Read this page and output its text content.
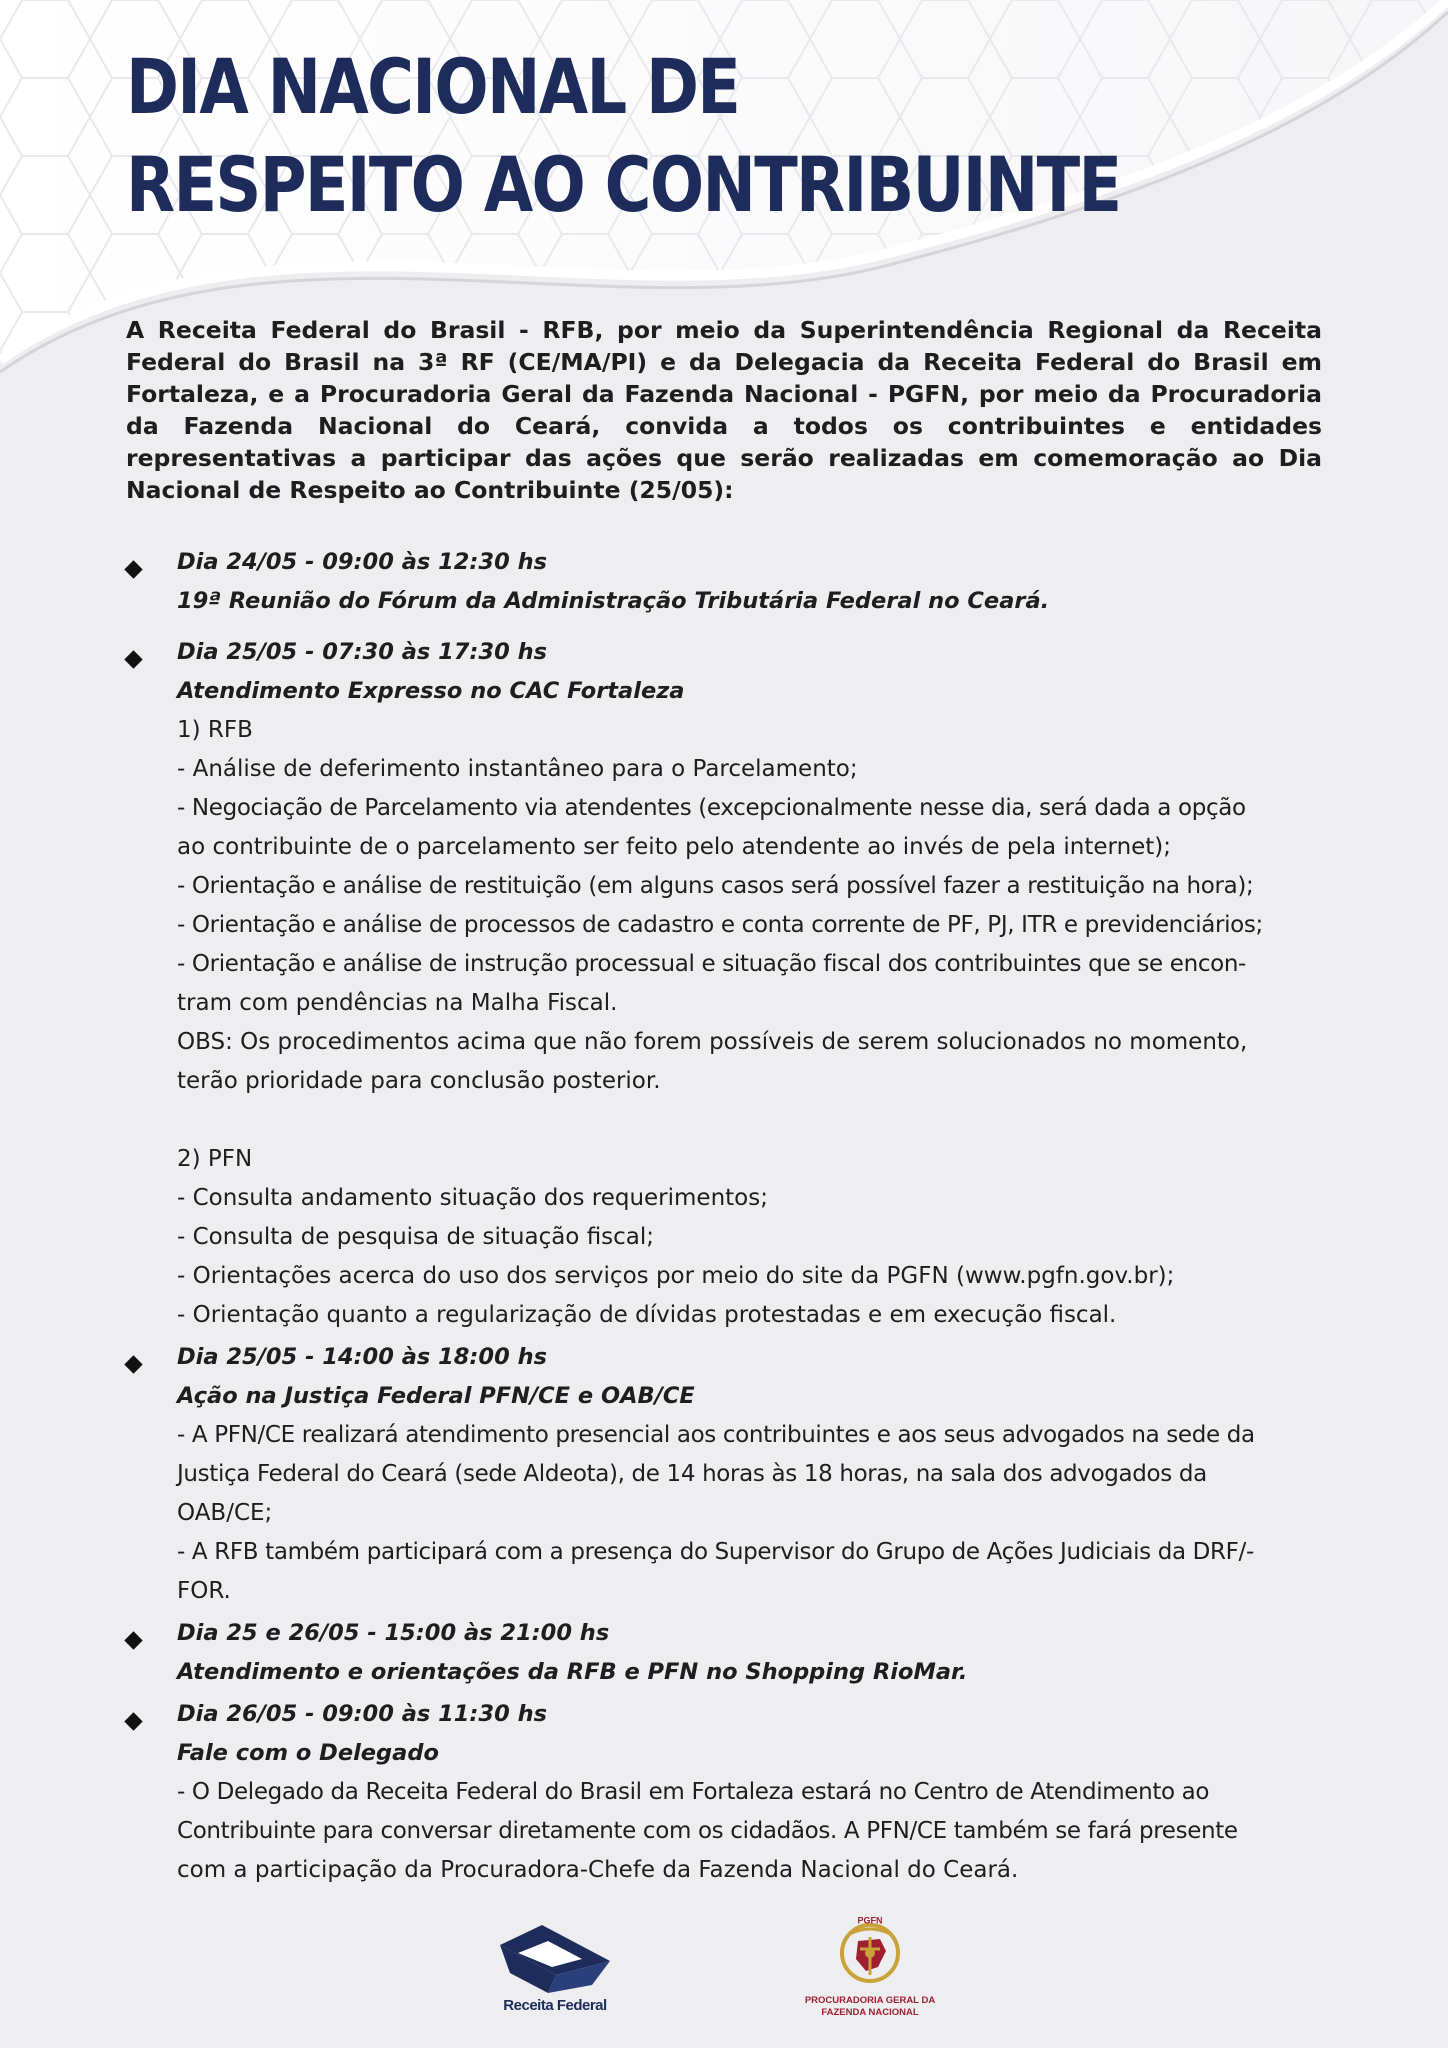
DIA NACIONAL DE
RESPEITO AO CONTRIBUINTE

A Receita Federal do Brasil - RFB, por meio da Superintendência Regional da Receita Federal do Brasil na 3ª RF (CE/MA/PI) e da Delegacia da Receita Federal do Brasil em Fortaleza, e a Procuradoria Geral da Fazenda Nacional - PGFN, por meio da Procuradoria da Fazenda Nacional do Ceará, convida a todos os contribuintes e entidades representativas a participar das ações que serão realizadas em comemoração ao Dia Nacional de Respeito ao Contribuinte (25/05):

Dia 24/05 - 09:00 às 12:30 hs
19ª Reunião do Fórum da Administração Tributária Federal no Ceará.
Dia 25/05 - 07:30 às 17:30 hs
Atendimento Expresso no CAC Fortaleza
1) RFB
- Análise de deferimento instantâneo para o Parcelamento;
- Negociação de Parcelamento via atendentes (excepcionalmente nesse dia, será dada a opção
ao contribuinte de o parcelamento ser feito pelo atendente ao invés de pela internet);
- Orientação e análise de restituição (em alguns casos será possível fazer a restituição na hora);
- Orientação e análise de processos de cadastro e conta corrente de PF, PJ, ITR e previdenciários;
- Orientação e análise de instrução processual e situação fiscal dos contribuintes que se encon-
tram com pendências na Malha Fiscal.
OBS: Os procedimentos acima que não forem possíveis de serem solucionados no momento,
terão prioridade para conclusão posterior.
2) PFN
- Consulta andamento situação dos requerimentos;
- Consulta de pesquisa de situação fiscal;
- Orientações acerca do uso dos serviços por meio do site da PGFN (www.pgfn.gov.br);
- Orientação quanto a regularização de dívidas protestadas e em execução fiscal.
Dia 25/05 - 14:00 às 18:00 hs
Ação na Justiça Federal PFN/CE e OAB/CE
- A PFN/CE realizará atendimento presencial aos contribuintes e aos seus advogados na sede da
Justiça Federal do Ceará (sede Aldeota), de 14 horas às 18 horas, na sala dos advogados da
OAB/CE;
- A RFB também participará com a presença do Supervisor do Grupo de Ações Judiciais da DRF/-
FOR.
Dia 25 e 26/05 - 15:00 às 21:00 hs
Atendimento e orientações da RFB e PFN no Shopping RioMar.
Dia 26/05 - 09:00 às 11:30 hs
Fale com o Delegado
- O Delegado da Receita Federal do Brasil em Fortaleza estará no Centro de Atendimento ao
Contribuinte para conversar diretamente com os cidadãos. A PFN/CE também se fará presente
com a participação da Procuradora-Chefe da Fazenda Nacional do Ceará.
Receita Federal
PGFN
PROCURADORIA GERAL DA
FAZENDA NACIONAL
